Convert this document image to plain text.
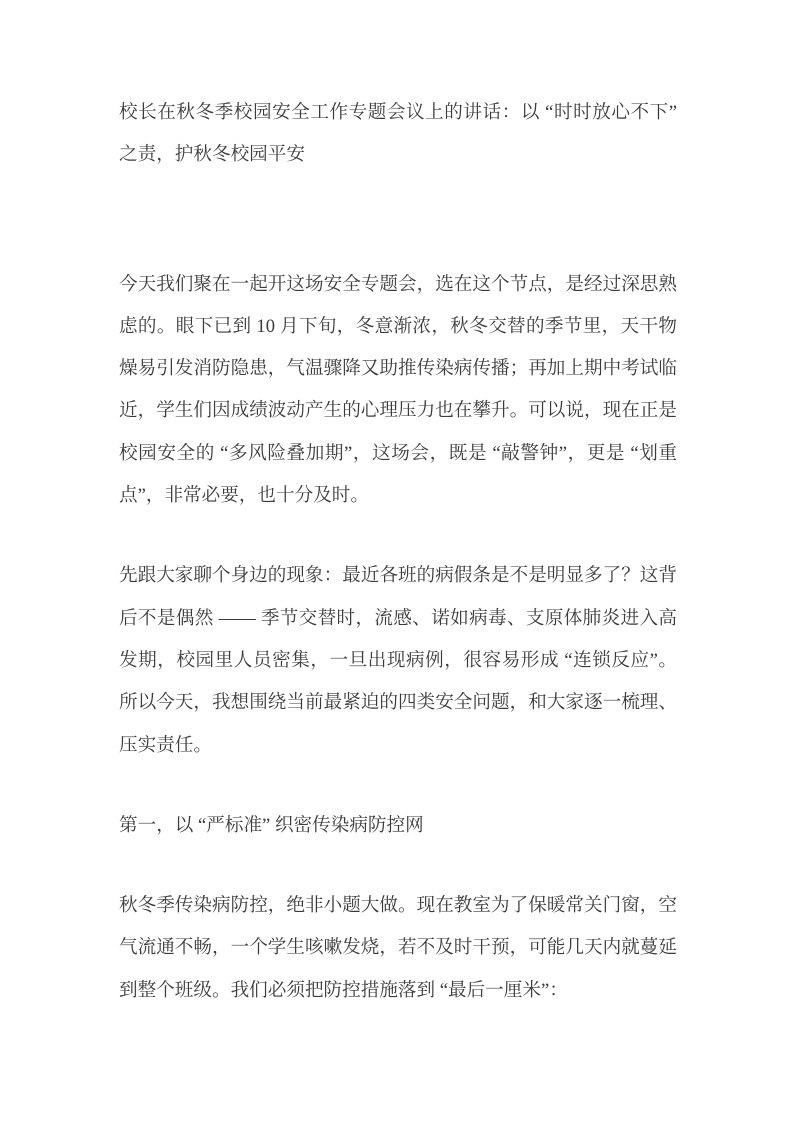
校长在秋冬季校园安全工作专题会议上的讲话：以 “时时放心不下” 之责，护秋冬校园平安

今天我们聚在一起开这场安全专题会，选在这个节点，是经过深思熟虑的。眼下已到 10 月下旬，冬意渐浓，秋冬交替的季节里，天干物燥易引发消防隐患，气温骤降又助推传染病传播；再加上期中考试临近，学生们因成绩波动产生的心理压力也在攀升。可以说，现在正是校园安全的 “多风险叠加期”，这场会，既是 “敲警钟”，更是 “划重点”，非常必要，也十分及时。

先跟大家聊个身边的现象：最近各班的病假条是不是明显多了？这背后不是偶然 —— 季节交替时，流感、诺如病毒、支原体肺炎进入高发期，校园里人员密集，一旦出现病例，很容易形成 “连锁反应”。所以今天，我想围绕当前最紧迫的四类安全问题，和大家逐一梳理、压实责任。

第一，以 “严标准” 织密传染病防控网

秋冬季传染病防控，绝非小题大做。现在教室为了保暖常关门窗，空气流通不畅，一个学生咳嗽发烧，若不及时干预，可能几天内就蔓延到整个班级。我们必须把防控措施落到 “最后一厘米”：
